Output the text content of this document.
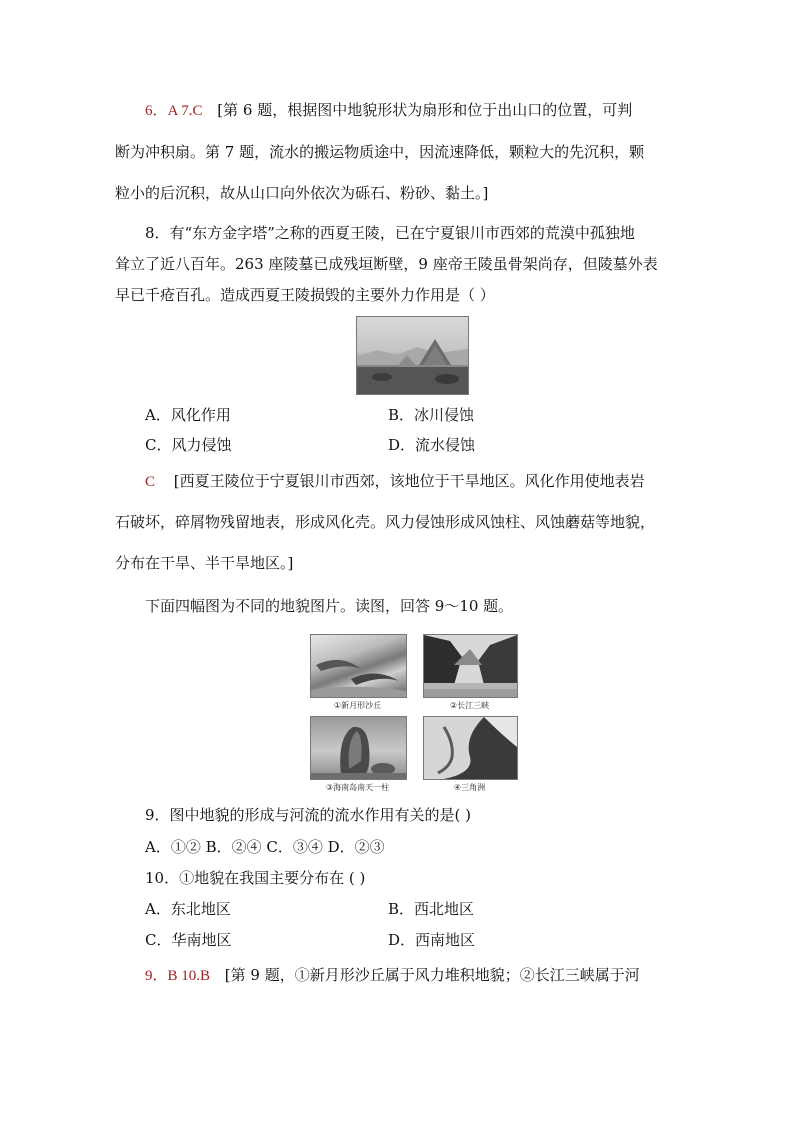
6．A 7.C [第 6 题，根据图中地貌形状为扇形和位于出山口的位置，可判
断为冲积扇。第 7 题，流水的搬运物质途中，因流速降低，颗粒大的先沉积，颗
粒小的后沉积，故从山口向外依次为砾石、粉砂、黏土。]
8．有“东方金字塔”之称的西夏王陵，已在宁夏银川市西郊的荒漠中孤独地
耸立了近八百年。263 座陵墓已成残垣断壁，9 座帝王陵虽骨架尚存，但陵墓外表
早已千疮百孔。造成西夏王陵损毁的主要外力作用是（ ）
A．风化作用	B．冰川侵蚀
C．风力侵蚀	D．流水侵蚀
C [西夏王陵位于宁夏银川市西郊，该地位于干旱地区。风化作用使地表岩
石破坏，碎屑物残留地表，形成风化壳。风力侵蚀形成风蚀柱、风蚀蘑菇等地貌，
分布在干旱、半干旱地区。]
下面四幅图为不同的地貌图片。读图，回答 9～10 题。
①新月形沙丘	②长江三峡
③海南岛南天一柱	④三角洲
9．图中地貌的形成与河流的流水作用有关的是( )
A．①② B．②④ C．③④ D．②③
10．①地貌在我国主要分布在 ( )
A．东北地区	B．西北地区
C．华南地区	D．西南地区
9．B 10.B [第 9 题，①新月形沙丘属于风力堆积地貌；②长江三峡属于河
